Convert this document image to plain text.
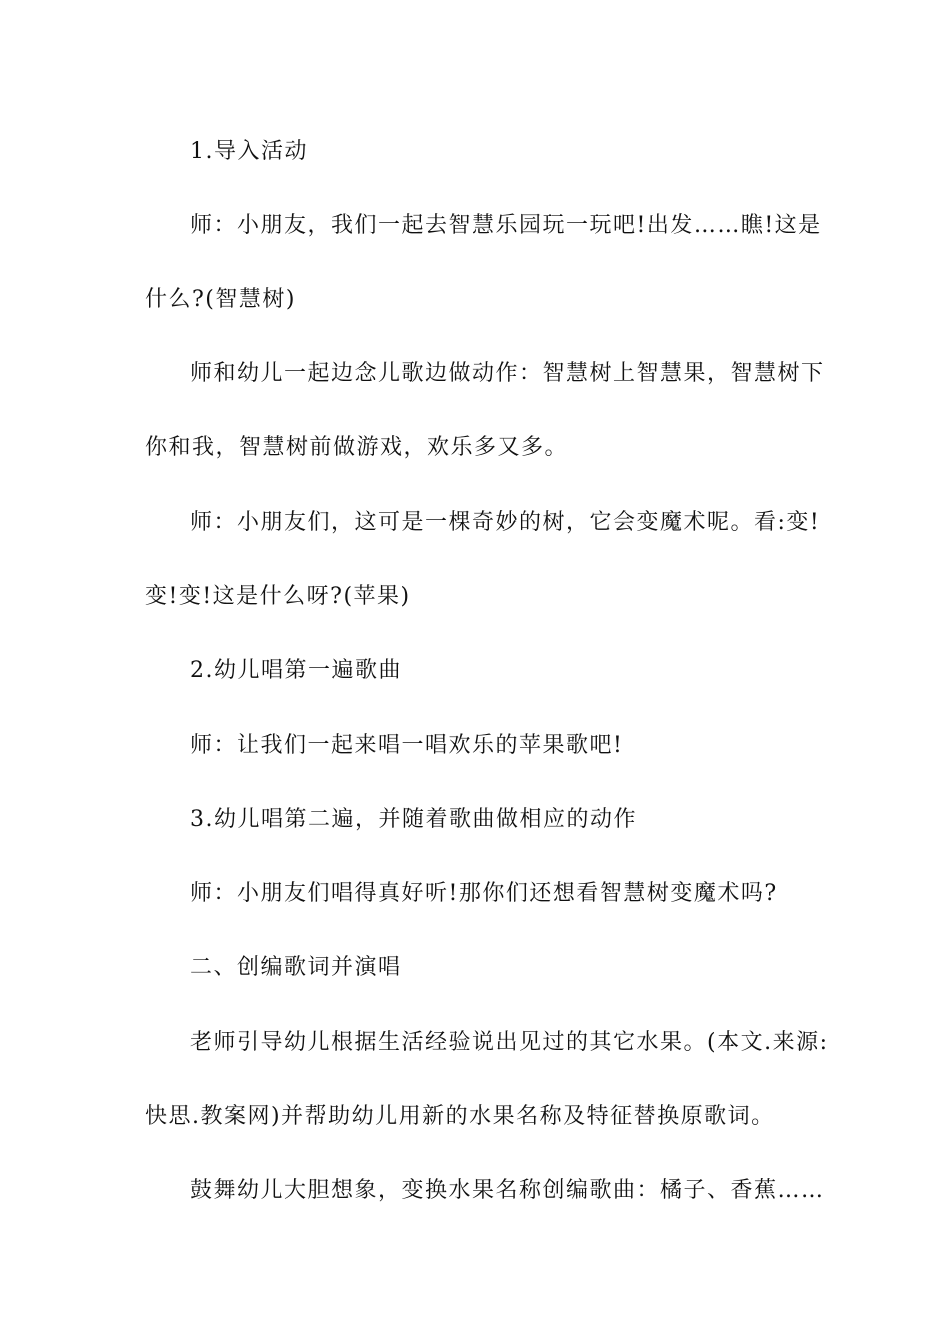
1.导入活动

师：小朋友，我们一起去智慧乐园玩一玩吧!出发……瞧!这是

什么?(智慧树)

师和幼儿一起边念儿歌边做动作：智慧树上智慧果，智慧树下

你和我，智慧树前做游戏，欢乐多又多。

师：小朋友们，这可是一棵奇妙的树，它会变魔术呢。看:变!

变!变!这是什么呀?(苹果)

2.幼儿唱第一遍歌曲

师：让我们一起来唱一唱欢乐的苹果歌吧!

3.幼儿唱第二遍，并随着歌曲做相应的动作

师：小朋友们唱得真好听!那你们还想看智慧树变魔术吗?

二、创编歌词并演唱

老师引导幼儿根据生活经验说出见过的其它水果。(本文.来源:

快思.教案网)并帮助幼儿用新的水果名称及特征替换原歌词。

鼓舞幼儿大胆想象，变换水果名称创编歌曲：橘子、香蕉……
